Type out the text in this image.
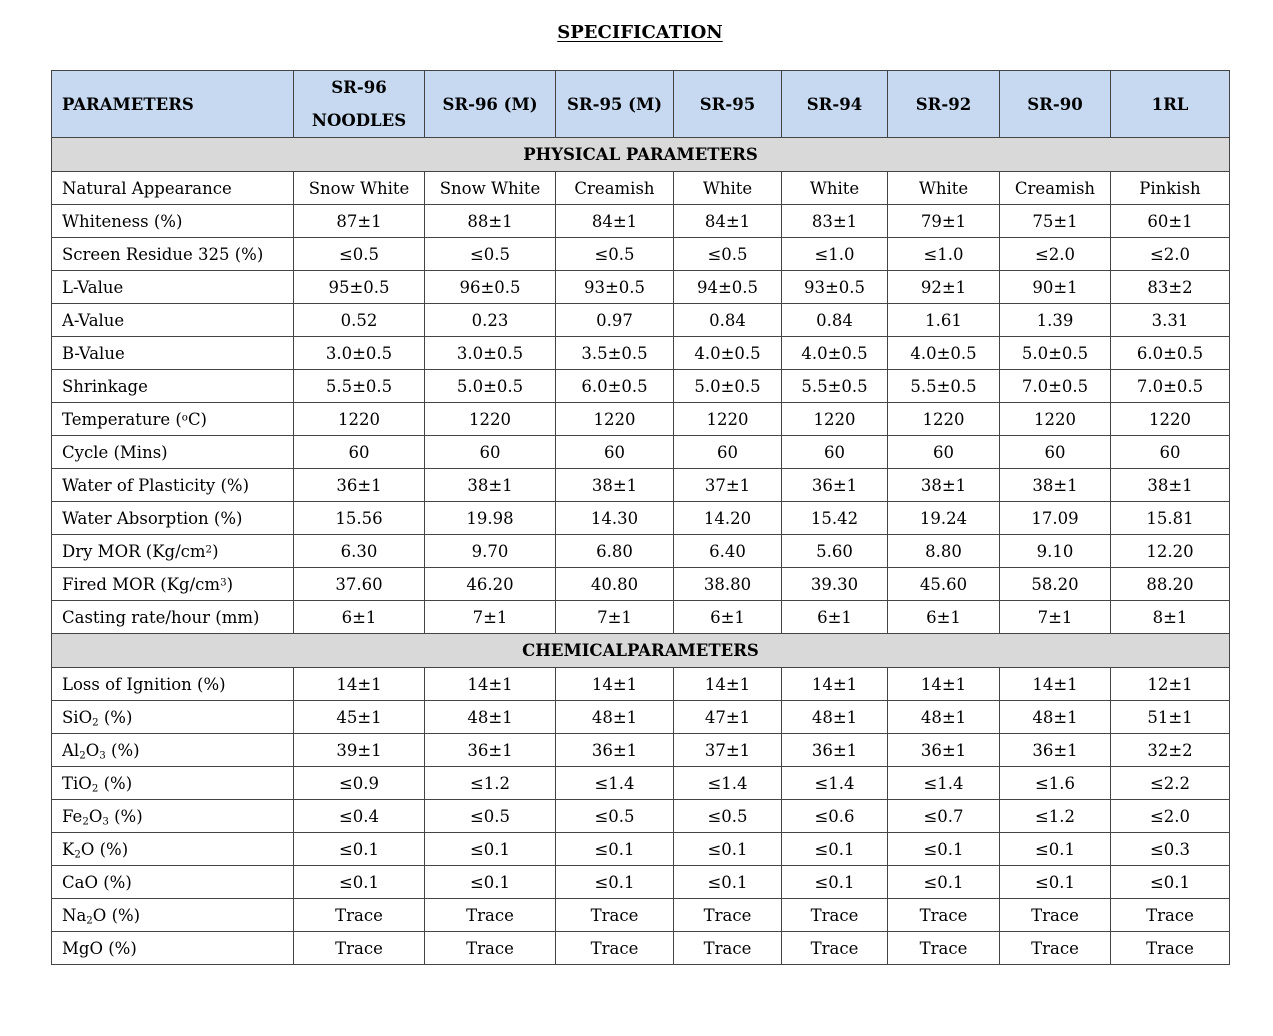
SPECIFICATION
PARAMETERS	SR-96 NOODLES	SR-96 (M)	SR-95 (M)	SR-95	SR-94	SR-92	SR-90	1RL
PHYSICAL PARAMETERS								
Natural Appearance	Snow White	Snow White	Creamish	White	White	White	Creamish	Pinkish
Whiteness (%)	87±1	88±1	84±1	84±1	83±1	79±1	75±1	60±1
Screen Residue 325 (%)	≤0.5	≤0.5	≤0.5	≤0.5	≤1.0	≤1.0	≤2.0	≤2.0
L-Value	95±0.5	96±0.5	93±0.5	94±0.5	93±0.5	92±1	90±1	83±2
A-Value	0.52	0.23	0.97	0.84	0.84	1.61	1.39	3.31
B-Value	3.0±0.5	3.0±0.5	3.5±0.5	4.0±0.5	4.0±0.5	4.0±0.5	5.0±0.5	6.0±0.5
Shrinkage	5.5±0.5	5.0±0.5	6.0±0.5	5.0±0.5	5.5±0.5	5.5±0.5	7.0±0.5	7.0±0.5
Temperature ($^o$C)	1220	1220	1220	1220	1220	1220	1220	1220
Cycle (Mins)	60	60	60	60	60	60	60	60
Water of Plasticity (%)	36±1	38±1	38±1	37±1	36±1	38±1	38±1	38±1
Water Absorption (%)	15.56	19.98	14.30	14.20	15.42	19.24	17.09	15.81
Dry MOR $(Kg/cm^2)$	6.30	9.70	6.80	6.40	5.60	8.80	9.10	12.20
Fired MOR $(Kg/cm^3)$	37.60	46.20	40.80	38.80	39.30	45.60	58.20	88.20
Casting rate/hour (mm)	6±1	7±1	7±1	6±1	6±1	6±1	7±1	8±1
CHEMICALPARAMETERS								
Loss of Ignition (%)	14±1	14±1	14±1	14±1	14±1	14±1	14±1	12±1
SiO$_2$ (%)	45±1	48±1	48±1	47±1	48±1	48±1	48±1	51±1
$Al_2O_3$ (%)	39±1	36±1	36±1	37±1	36±1	36±1	36±1	32±2
TiO$_2$ (%)	≤0.9	≤1.2	≤1.4	≤1.4	≤1.4	≤1.4	≤1.6	≤2.2
$Fe_2O_3$ (%)	≤0.4	≤0.5	≤0.5	≤0.5	≤0.6	≤0.7	≤1.2	≤2.0
$K_2O$ (%)	≤0.1	≤0.1	≤0.1	≤0.1	≤0.1	≤0.1	≤0.1	≤0.3
CaO (%)	≤0.1	≤0.1	≤0.1	≤0.1	≤0.1	≤0.1	≤0.1	≤0.1
$Na_2O$ (%)	Trace	Trace	Trace	Trace	Trace	Trace	Trace	Trace
MgO (%)	Trace	Trace	Trace	Trace	Trace	Trace	Trace	Trace
